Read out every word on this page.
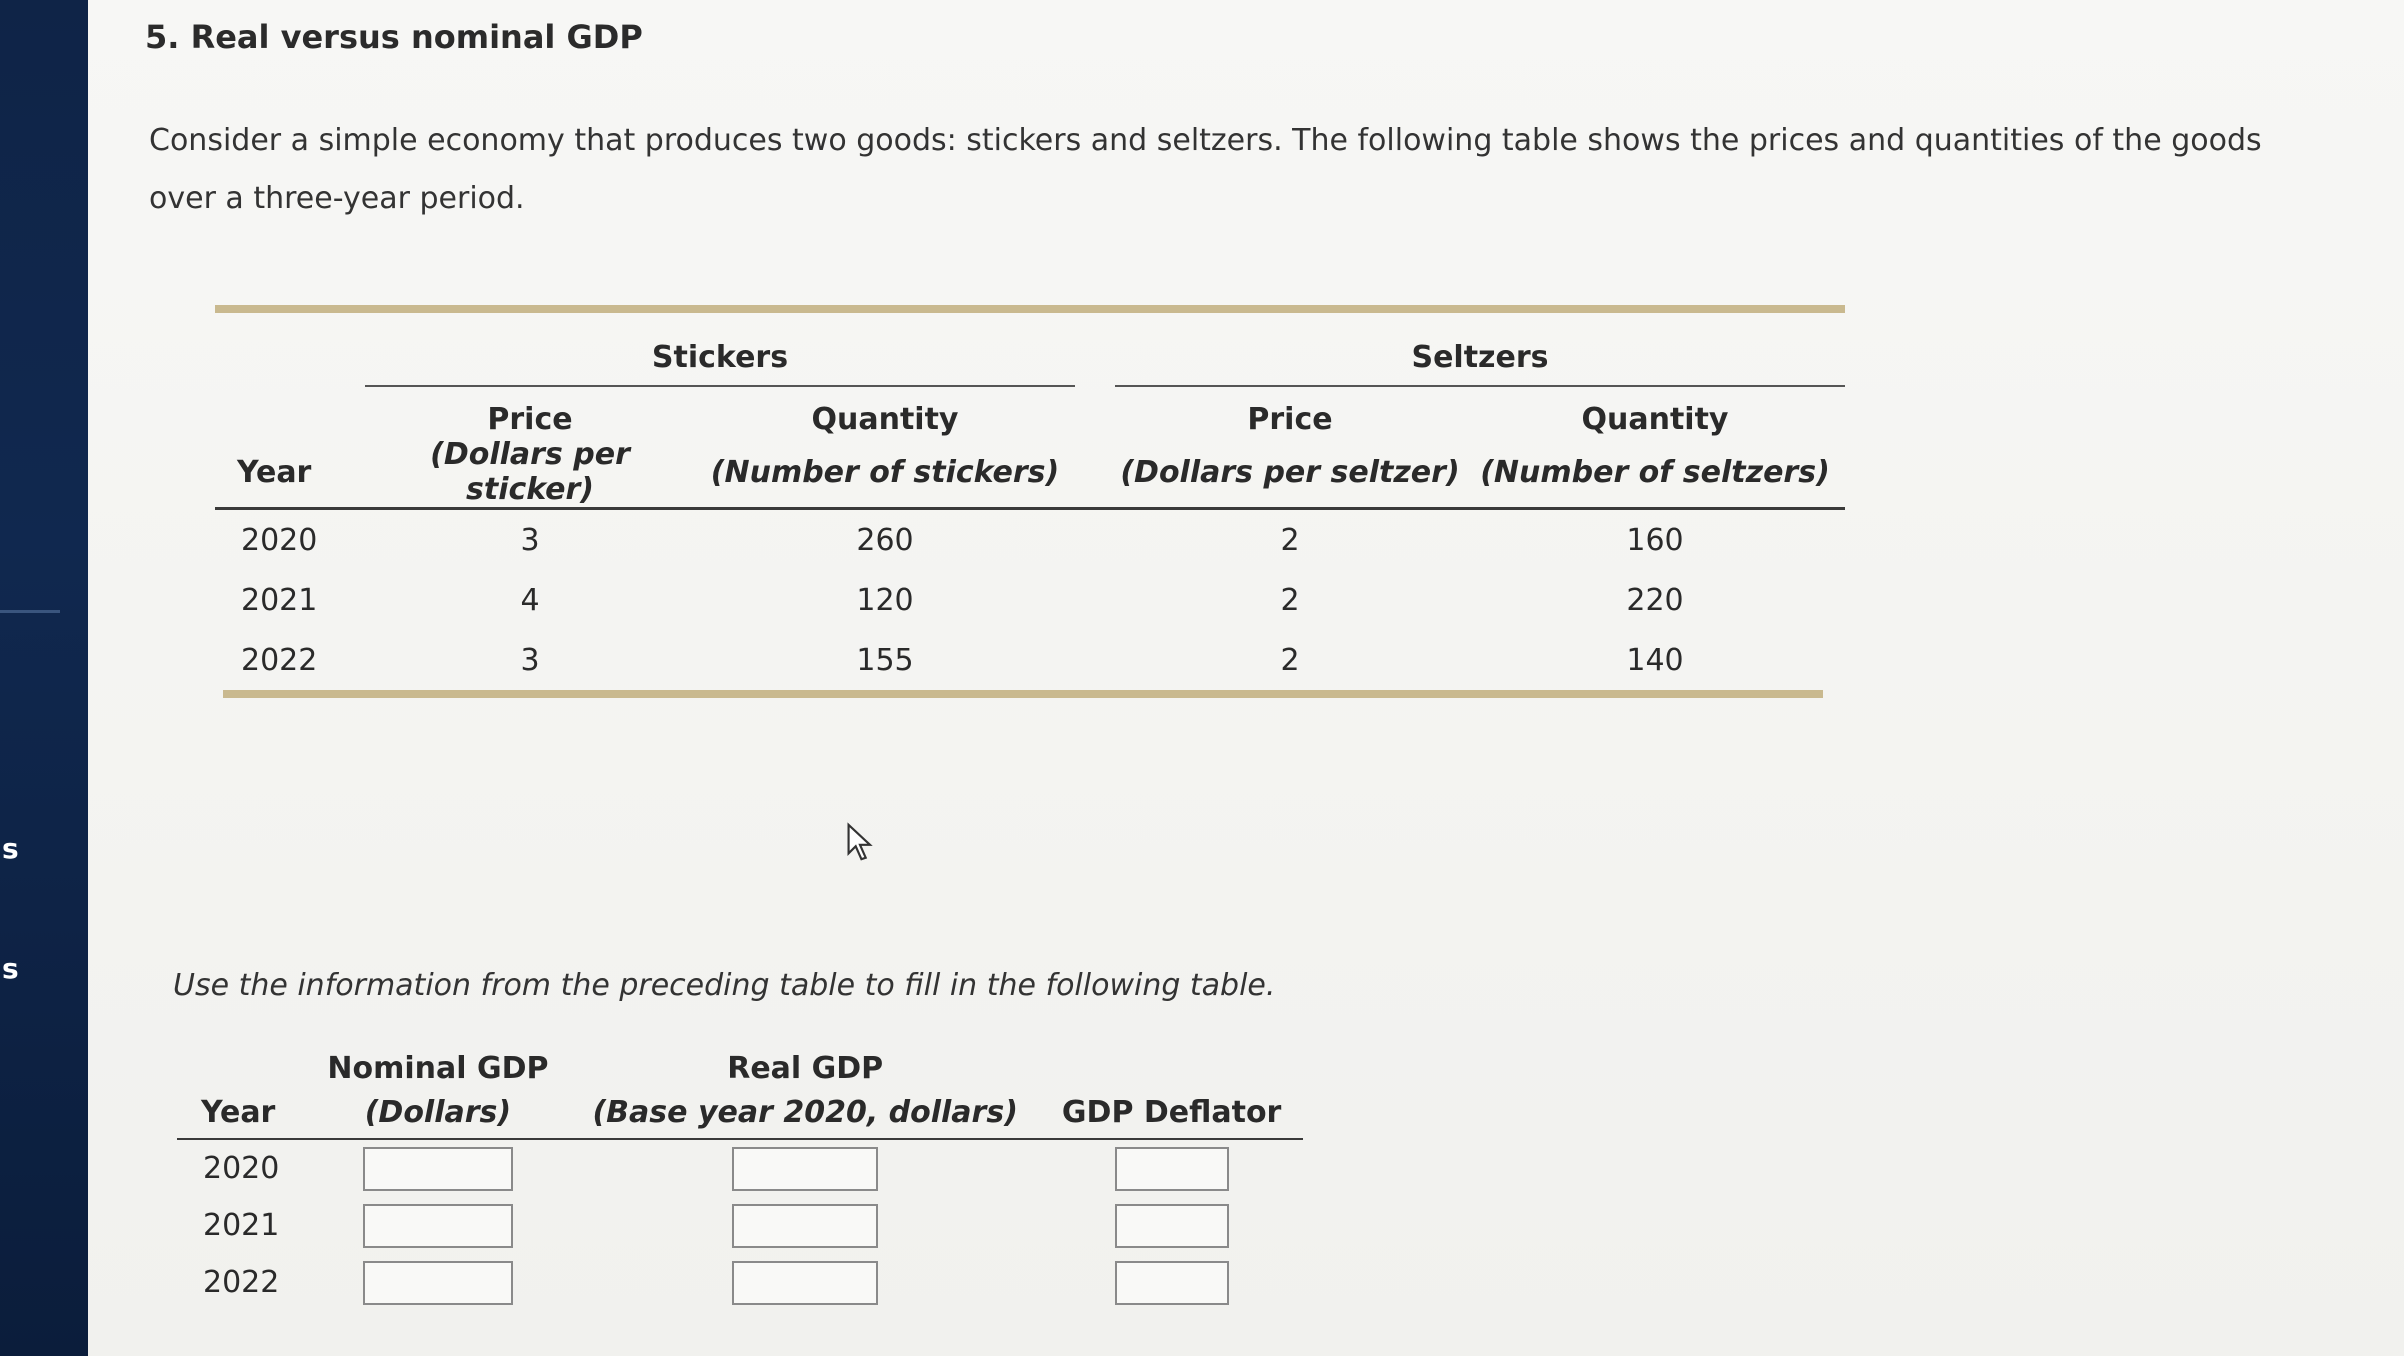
s
s
5. Real versus nominal GDP
Consider a simple economy that produces two goods: stickers and seltzers. The following table shows the prices and quantities of the goods over a three-year period.
	Stickers			Seltzers	
	Price	Quantity		Price	Quantity
Year	(Dollars per sticker)	(Number of stickers)		(Dollars per seltzer)	(Number of seltzers)
2020	3	260		2	160
2021	4	120		2	220
2022	3	155		2	140
Use the information from the preceding table to fill in the following table.
	Nominal GDP	Real GDP	
Year	(Dollars)	(Base year 2020, dollars)	GDP Deflator
2020			
2021			
2022			
